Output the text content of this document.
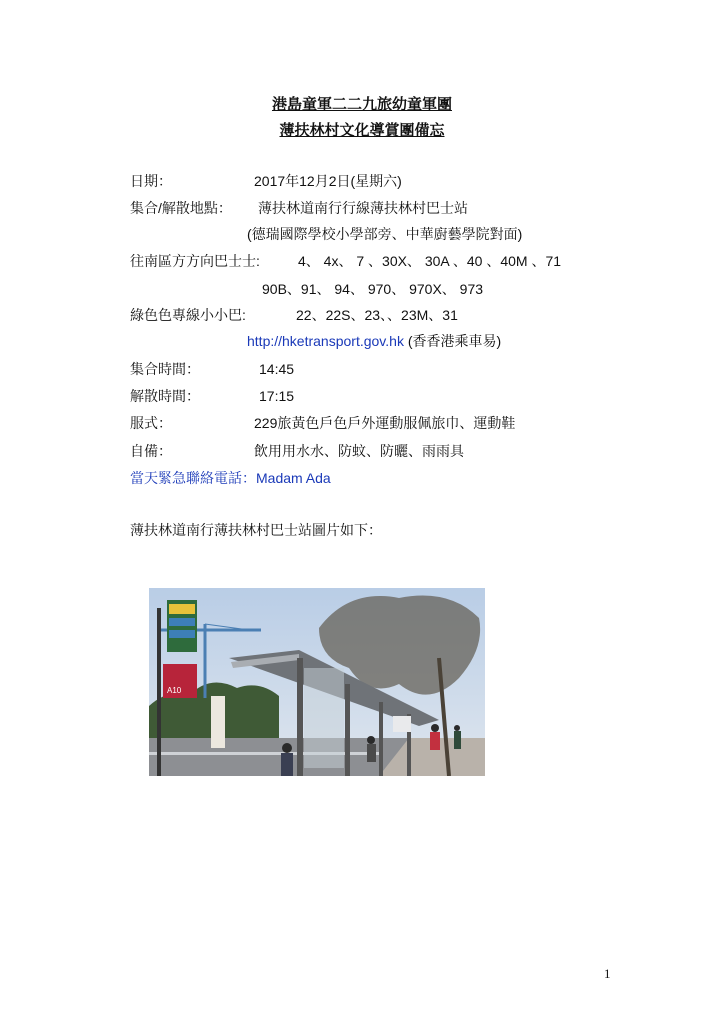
港島童軍二二九旅幼童軍團
薄扶林村文化導賞團備忘
日期：	2017年12月2日(星期六)
集合/解散地點： 薄扶林道南行行線薄扶林村巴士站
(德瑞國際學校小學部旁、中華廚藝學院對面)
往南區方方向巴士士:	4、 4x、 7 、30X、 30A 、40 、40M 、71
90B、91、 94、 970、 970X、 973
綠色色專線小小巴:	22、22S、23、、23M、31
http://hketransport.gov.hk (香香港乘車易)
集合時間：	14:45
解散時間：	17:15
服式：	229旅黃色戶色戶外運動服佩旅巾、運動鞋
自備：	飲用用水水、防蚊、防曬、雨雨具
當天緊急聯絡電話：Madam Ada
薄扶林道南行薄扶林村巴士站圖片如下：
A10
1
